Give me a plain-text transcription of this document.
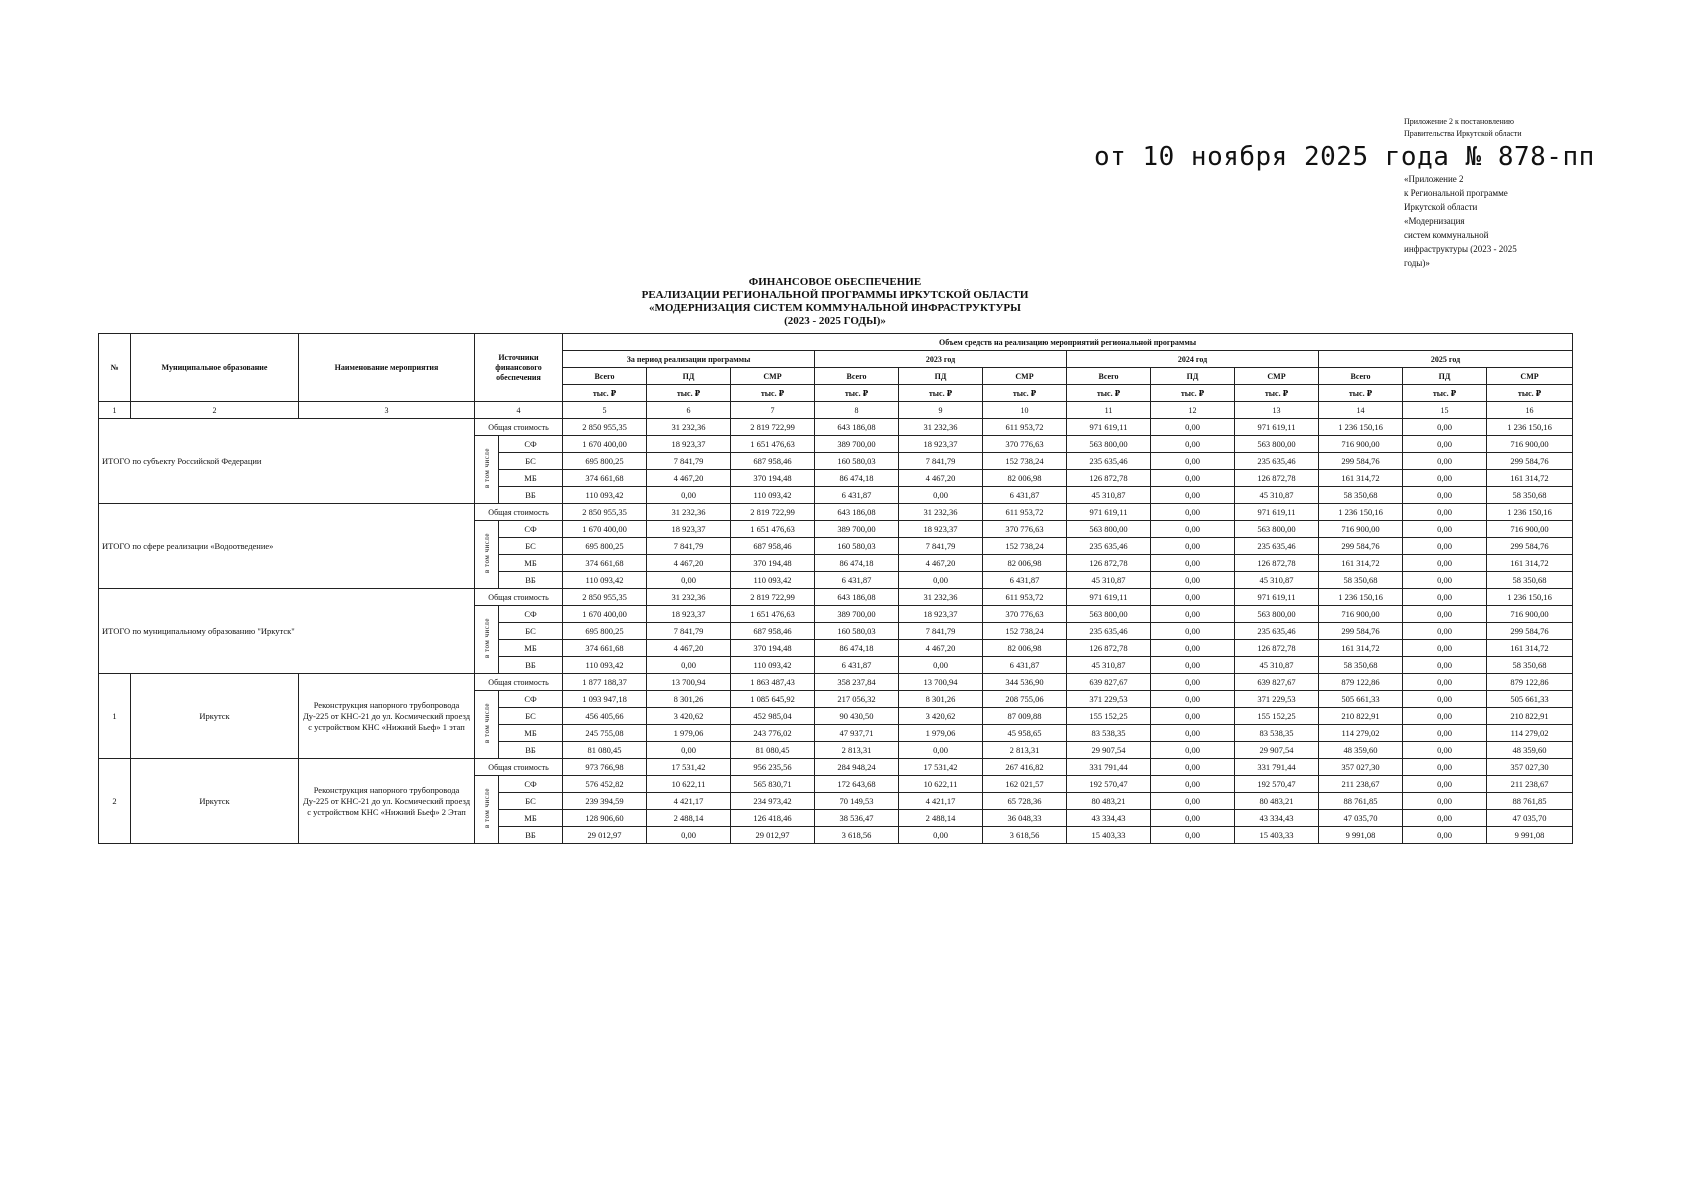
Приложение 2 к постановлению
Правительства Иркутской области
от 10 ноября 2025 года № 878-пп
«Приложение 2
к Региональной программе
Иркутской области
«Модернизация
систем коммунальной
инфраструктуры (2023 - 2025
годы)»
ФИНАНСОВОЕ ОБЕСПЕЧЕНИЕ
РЕАЛИЗАЦИИ РЕГИОНАЛЬНОЙ ПРОГРАММЫ ИРКУТСКОЙ ОБЛАСТИ
«МОДЕРНИЗАЦИЯ СИСТЕМ КОММУНАЛЬНОЙ ИНФРАСТРУКТУРЫ
(2023 - 2025 ГОДЫ)»
№	Муниципальное образование	Наименование мероприятия	Источники финансового обеспечения		Объем средств на реализацию мероприятий региональной программы											
					За период реализации программы			2023 год			2024 год			2025 год		
					Всего	ПД	СМР	Всего	ПД	СМР	Всего	ПД	СМР	Всего	ПД	СМР
					тыс. ₽	тыс. ₽	тыс. ₽	тыс. ₽	тыс. ₽	тыс. ₽	тыс. ₽	тыс. ₽	тыс. ₽	тыс. ₽	тыс. ₽	тыс. ₽
1	2	3	4		5	6	7	8	9	10	11	12	13	14	15	16
ИТОГО по субъекту Российской Федерации			Общая стоимость		2 850 955,35	31 232,36	2 819 722,99	643 186,08	31 232,36	611 953,72	971 619,11	0,00	971 619,11	1 236 150,16	0,00	1 236 150,16
			в том числе	СФ	1 670 400,00	18 923,37	1 651 476,63	389 700,00	18 923,37	370 776,63	563 800,00	0,00	563 800,00	716 900,00	0,00	716 900,00
				БС	695 800,25	7 841,79	687 958,46	160 580,03	7 841,79	152 738,24	235 635,46	0,00	235 635,46	299 584,76	0,00	299 584,76
				МБ	374 661,68	4 467,20	370 194,48	86 474,18	4 467,20	82 006,98	126 872,78	0,00	126 872,78	161 314,72	0,00	161 314,72
				ВБ	110 093,42	0,00	110 093,42	6 431,87	0,00	6 431,87	45 310,87	0,00	45 310,87	58 350,68	0,00	58 350,68
ИТОГО по сфере реализации «Водоотведение»			Общая стоимость		2 850 955,35	31 232,36	2 819 722,99	643 186,08	31 232,36	611 953,72	971 619,11	0,00	971 619,11	1 236 150,16	0,00	1 236 150,16
			в том числе	СФ	1 670 400,00	18 923,37	1 651 476,63	389 700,00	18 923,37	370 776,63	563 800,00	0,00	563 800,00	716 900,00	0,00	716 900,00
				БС	695 800,25	7 841,79	687 958,46	160 580,03	7 841,79	152 738,24	235 635,46	0,00	235 635,46	299 584,76	0,00	299 584,76
				МБ	374 661,68	4 467,20	370 194,48	86 474,18	4 467,20	82 006,98	126 872,78	0,00	126 872,78	161 314,72	0,00	161 314,72
				ВБ	110 093,42	0,00	110 093,42	6 431,87	0,00	6 431,87	45 310,87	0,00	45 310,87	58 350,68	0,00	58 350,68
ИТОГО по муниципальному образованию "Иркутск"			Общая стоимость		2 850 955,35	31 232,36	2 819 722,99	643 186,08	31 232,36	611 953,72	971 619,11	0,00	971 619,11	1 236 150,16	0,00	1 236 150,16
			в том числе	СФ	1 670 400,00	18 923,37	1 651 476,63	389 700,00	18 923,37	370 776,63	563 800,00	0,00	563 800,00	716 900,00	0,00	716 900,00
				БС	695 800,25	7 841,79	687 958,46	160 580,03	7 841,79	152 738,24	235 635,46	0,00	235 635,46	299 584,76	0,00	299 584,76
				МБ	374 661,68	4 467,20	370 194,48	86 474,18	4 467,20	82 006,98	126 872,78	0,00	126 872,78	161 314,72	0,00	161 314,72
				ВБ	110 093,42	0,00	110 093,42	6 431,87	0,00	6 431,87	45 310,87	0,00	45 310,87	58 350,68	0,00	58 350,68
1	Иркутск	Реконструкция напорного трубопровода Ду-225 от КНС-21 до ул. Космический проезд с устройством КНС «Нижний Бьеф» 1 этап	Общая стоимость		1 877 188,37	13 700,94	1 863 487,43	358 237,84	13 700,94	344 536,90	639 827,67	0,00	639 827,67	879 122,86	0,00	879 122,86
			в том числе	СФ	1 093 947,18	8 301,26	1 085 645,92	217 056,32	8 301,26	208 755,06	371 229,53	0,00	371 229,53	505 661,33	0,00	505 661,33
				БС	456 405,66	3 420,62	452 985,04	90 430,50	3 420,62	87 009,88	155 152,25	0,00	155 152,25	210 822,91	0,00	210 822,91
				МБ	245 755,08	1 979,06	243 776,02	47 937,71	1 979,06	45 958,65	83 538,35	0,00	83 538,35	114 279,02	0,00	114 279,02
				ВБ	81 080,45	0,00	81 080,45	2 813,31	0,00	2 813,31	29 907,54	0,00	29 907,54	48 359,60	0,00	48 359,60
2	Иркутск	Реконструкция напорного трубопровода Ду-225 от КНС-21 до ул. Космический проезд с устройством КНС «Нижний Бьеф» 2 Этап	Общая стоимость		973 766,98	17 531,42	956 235,56	284 948,24	17 531,42	267 416,82	331 791,44	0,00	331 791,44	357 027,30	0,00	357 027,30
			в том числе	СФ	576 452,82	10 622,11	565 830,71	172 643,68	10 622,11	162 021,57	192 570,47	0,00	192 570,47	211 238,67	0,00	211 238,67
				БС	239 394,59	4 421,17	234 973,42	70 149,53	4 421,17	65 728,36	80 483,21	0,00	80 483,21	88 761,85	0,00	88 761,85
				МБ	128 906,60	2 488,14	126 418,46	38 536,47	2 488,14	36 048,33	43 334,43	0,00	43 334,43	47 035,70	0,00	47 035,70
				ВБ	29 012,97	0,00	29 012,97	3 618,56	0,00	3 618,56	15 403,33	0,00	15 403,33	9 991,08	0,00	9 991,08
